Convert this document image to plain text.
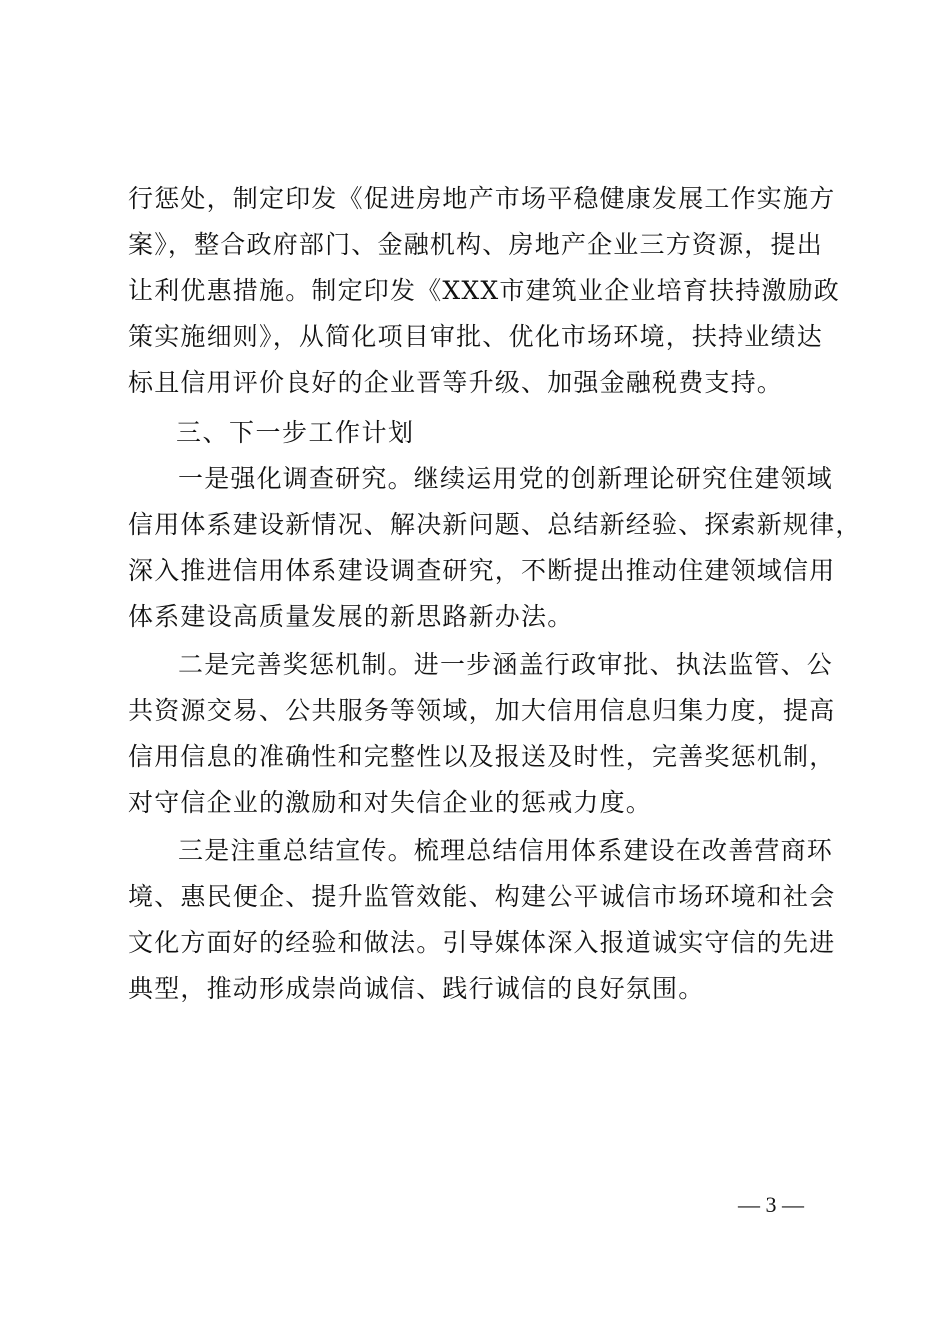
行惩处，制定印发《促进房地产市场平稳健康发展工作实施方
案》，整合政府部门、金融机构、房地产企业三方资源，提出
让利优惠措施。制定印发《XXX市建筑业企业培育扶持激励政
策实施细则》，从简化项目审批、优化市场环境，扶持业绩达
标且信用评价良好的企业晋等升级、加强金融税费支持。
三、下一步工作计划
一是强化调查研究。继续运用党的创新理论研究住建领域
信用体系建设新情况、解决新问题、总结新经验、探索新规律，
深入推进信用体系建设调查研究，不断提出推动住建领域信用
体系建设高质量发展的新思路新办法。
二是完善奖惩机制。进一步涵盖行政审批、执法监管、公
共资源交易、公共服务等领域，加大信用信息归集力度，提高
信用信息的准确性和完整性以及报送及时性，完善奖惩机制，
对守信企业的激励和对失信企业的惩戒力度。
三是注重总结宣传。梳理总结信用体系建设在改善营商环
境、惠民便企、提升监管效能、构建公平诚信市场环境和社会
文化方面好的经验和做法。引导媒体深入报道诚实守信的先进
典型，推动形成崇尚诚信、践行诚信的良好氛围。
— 3 —
